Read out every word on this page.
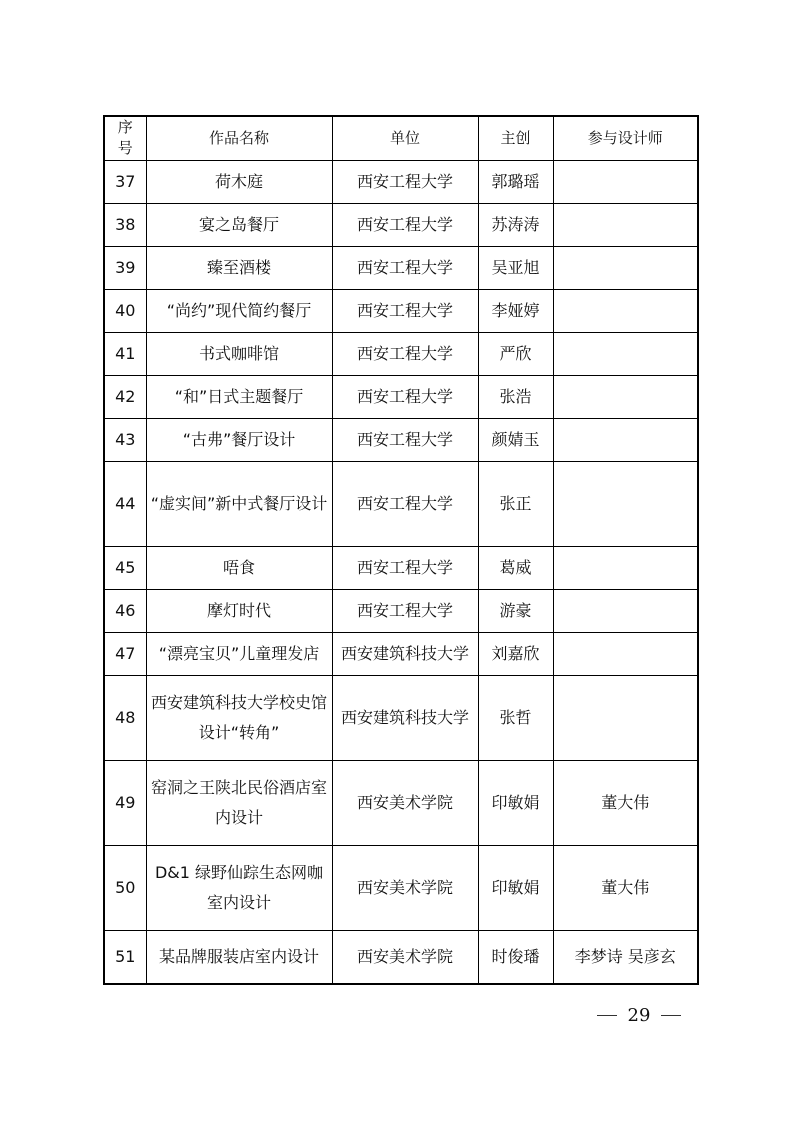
序
号	作品名称	单位	主创	参与设计师
37	荷木庭	西安工程大学	郭璐瑶	
38	宴之岛餐厅	西安工程大学	苏涛涛	
39	臻至酒楼	西安工程大学	吴亚旭	
40	“尚约”现代简约餐厅	西安工程大学	李娅婷	
41	书式咖啡馆	西安工程大学	严欣	
42	“和”日式主题餐厅	西安工程大学	张浩	
43	“古弗”餐厅设计	西安工程大学	颜婧玉	
44	“虚实间”新中式餐厅设计	西安工程大学	张正	
45	唔食	西安工程大学	葛威	
46	摩灯时代	西安工程大学	游豪	
47	“漂亮宝贝”儿童理发店	西安建筑科技大学	刘嘉欣	
48	西安建筑科技大学校史馆设计“转角”	西安建筑科技大学	张哲	
49	窑洞之王陕北民俗酒店室内设计	西安美术学院	印敏娟	董大伟
50	D&1 绿野仙踪生态网咖室内设计	西安美术学院	印敏娟	董大伟
51	某品牌服装店室内设计	西安美术学院	时俊璠	李梦诗 吴彦玄
29
